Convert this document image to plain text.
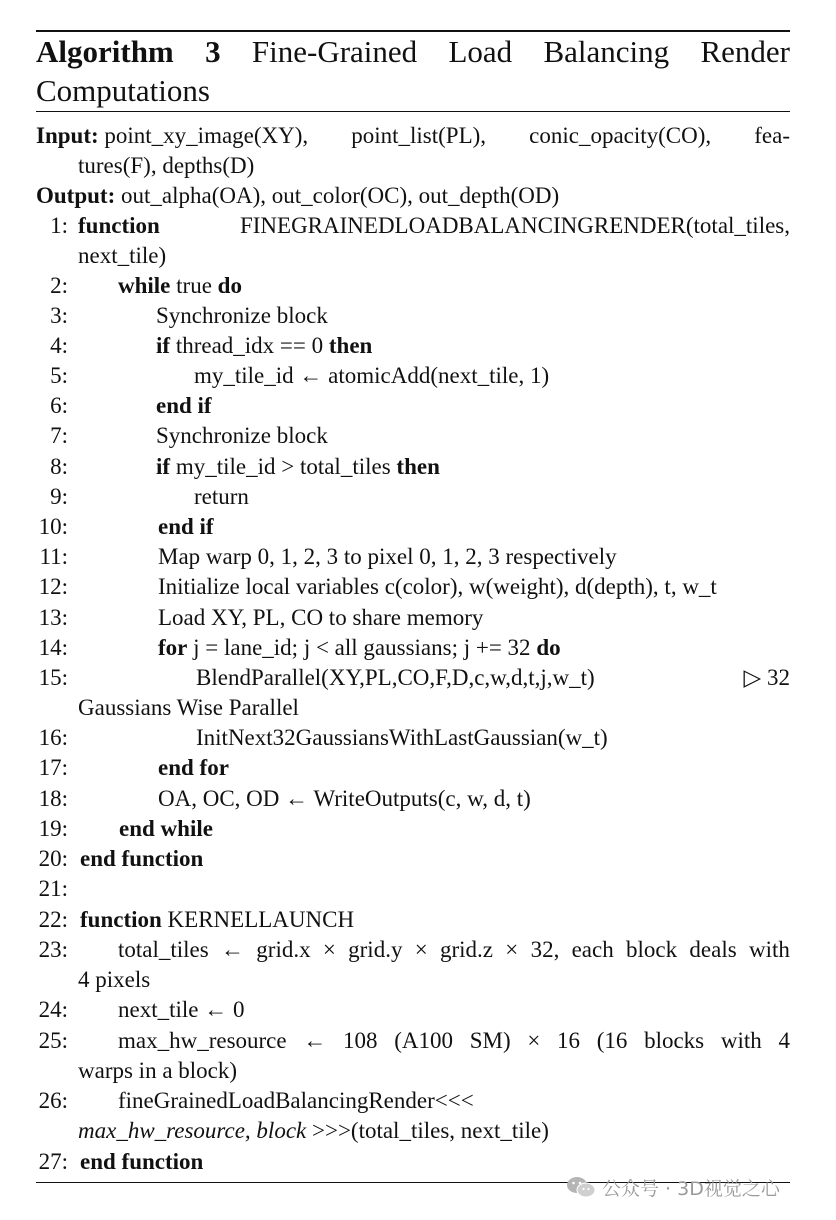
Algorithm 3 Fine-Grained Load Balancing Render Computations
Input: point_xy_image(XY), point_list(PL), conic_opacity(CO), fea-
tures(F), depths(D)
Output: out_alpha(OA), out_color(OC), out_depth(OD)
1: function	FINEGRAINEDLOADBALANCINGRENDER(total_tiles,
next_tile)
2: while true do
3:	Synchronize block
4:	if thread_idx == 0 then
5:	my_tile_id ← atomicAdd(next_tile, 1)
6:	end if
7:	Synchronize block
8:	if my_tile_id > total_tiles then
9:	return
10:	end if
11:	Map warp 0, 1, 2, 3 to pixel 0, 1, 2, 3 respectively
12:	Initialize local variables c(color), w(weight), d(depth), t, w_t
13:	Load XY, PL, CO to share memory
14:	for j = lane_id; j < all gaussians; j += 32 do
15:	BlendParallel(XY,PL,CO,F,D,c,w,d,t,j,w_t)	▷ 32
Gaussians Wise Parallel
16:	InitNext32GaussiansWithLastGaussian(w_t)
17:	end for
18:	OA, OC, OD ← WriteOutputs(c, w, d, t)
19: end while
20: end function
21:
22: function KERNELLAUNCH
23: total_tiles ← grid.x × grid.y × grid.z × 32, each block deals with
4 pixels
24: next_tile ← 0
25: max_hw_resource ← 108 (A100 SM) × 16 (16 blocks with 4
warps in a block)
26: fineGrainedLoadBalancingRender<<<
max_hw_resource, block >>>(total_tiles, next_tile)
27: end function
公众号 · 3D视觉之心
